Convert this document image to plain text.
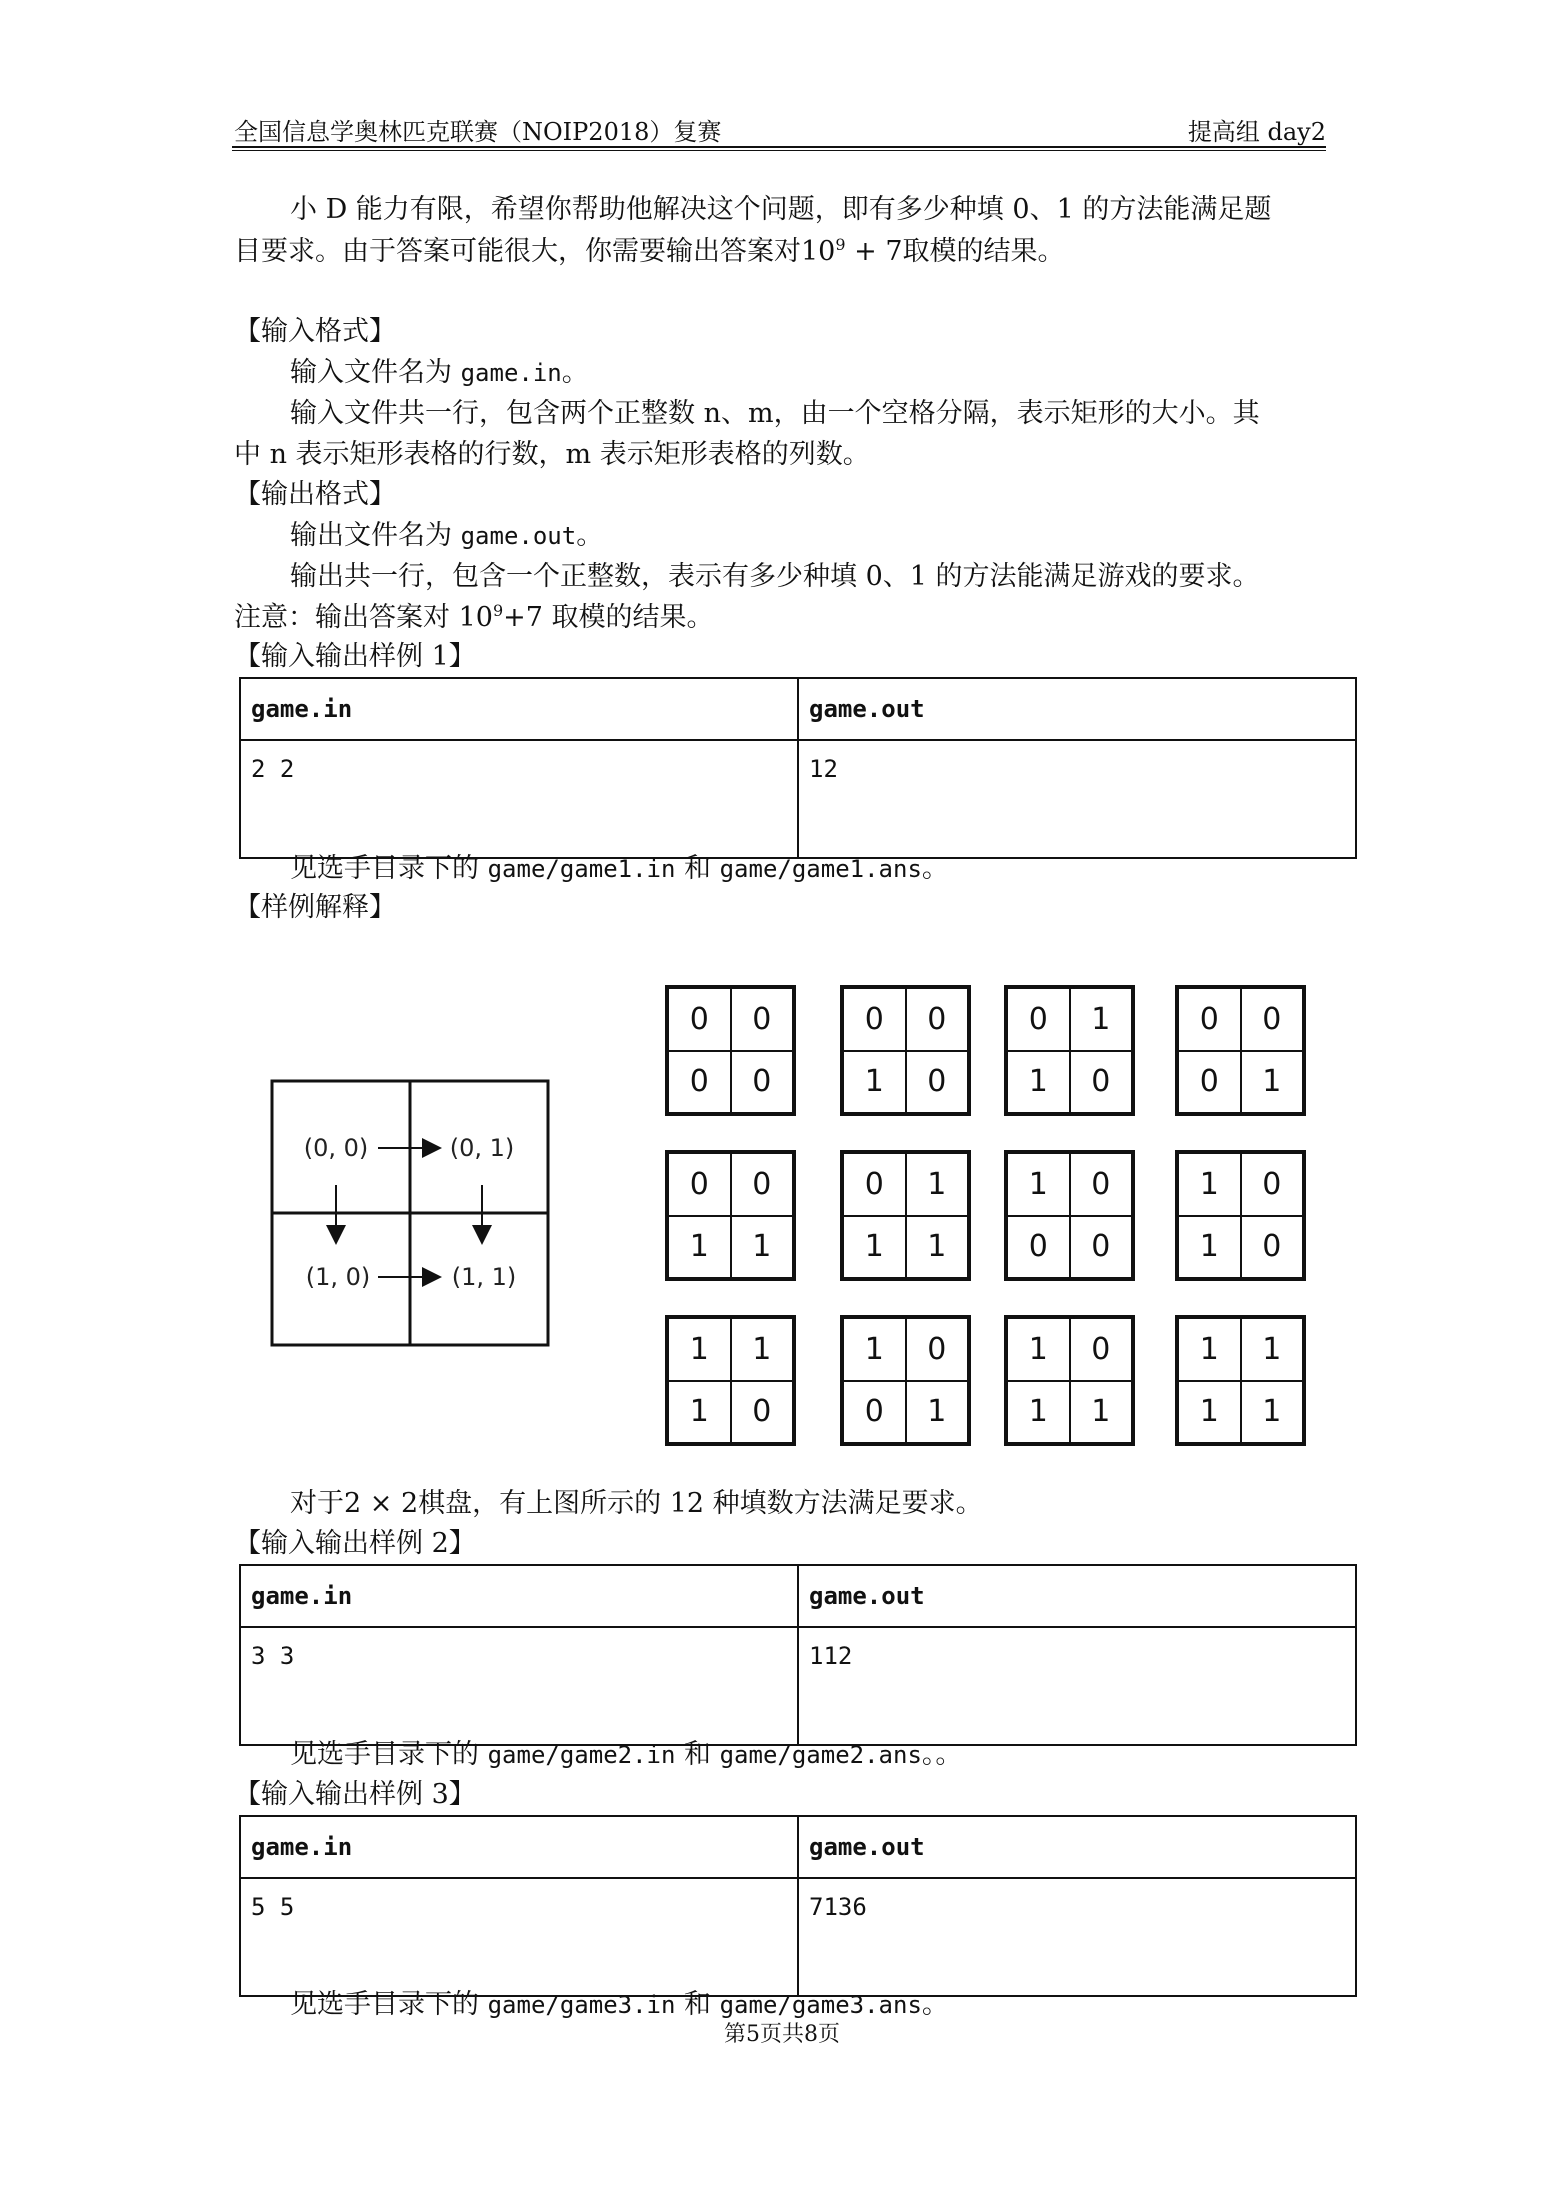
全国信息学奥林匹克联赛（NOIP2018）复赛	提高组 day2
小 D 能力有限，希望你帮助他解决这个问题，即有多少种填 0、1 的方法能满足题
目要求。由于答案可能很大，你需要输出答案对$10^9 + 7$取模的结果。
【输入格式】
输入文件名为 game.in。
输入文件共一行，包含两个正整数 n、m，由一个空格分隔，表示矩形的大小。其
中 n 表示矩形表格的行数，m 表示矩形表格的列数。
【输出格式】
输出文件名为 game.out。
输出共一行，包含一个正整数，表示有多少种填 0、1 的方法能满足游戏的要求。
注意：输出答案对 $10^9+7$ 取模的结果。
【输入输出样例 1】
game.in	game.out
2 2	12
见选手目录下的 game/game1.in 和 game/game1.ans。
【样例解释】
(0, 0)	(0, 1)
(1, 0)	(1, 1)
0	0
0	0
0	0
1	0
0	1
1	0
0	0
0	1
0	0
1	1
0	1
1	1
1	0
0	0
1	0
1	0
1	1
1	0
1	0
0	1
1	0
1	1
1	1
1	1
对于2 × 2棋盘，有上图所示的 12 种填数方法满足要求。
【输入输出样例 2】
game.in	game.out
3 3	112
见选手目录下的 game/game2.in 和 game/game2.ans。。
【输入输出样例 3】
game.in	game.out
5 5	7136
见选手目录下的 game/game3.in 和 game/game3.ans。
第5页共8页
